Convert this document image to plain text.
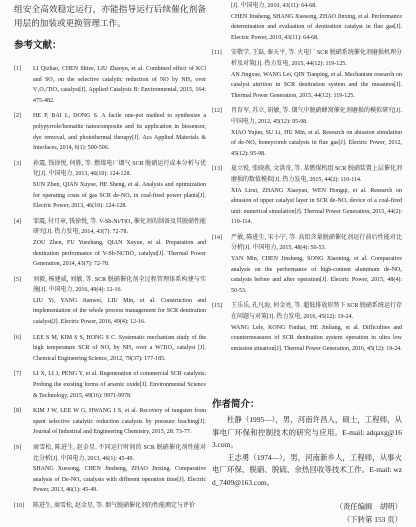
组安全高效稳定运行，亦能指导运行后续催化剂备用层的加装或更换管理工作。
参考文献：
[1]	LI Qizhao, CHEN Shize, LIU Zhaoyu, et al. Combined effect of KCl and SO₂ on the selective catalytic reduction of NO by NH₃ over V₂O₅/TiO₂ catalyst[J]. Applied Catalysis B: Environmental, 2015, 164: 475-482.
[2]	HE P, BAI L, DONG S. A facile one-pot method to synthesize a polypyrrole/hematite nanocomposite and its application in biosensor, dye removal, and photothermal therapy[J]. Acs Applied Materials & Interfaces, 2014, 6(1): 500-506.
[3]	孙震, 钱徐悦, 何胜, 等. 燃煤电厂烟气 SCR 脱硝运行成本分析与优化[J]. 中国电力, 2013, 46(10): 124-128.
SUN Zhen, QIAN Xuyue, HE Sheng, et al. Analysis and optimization for operating costs of gas SCR de-NOₓ in coal-fired power plants[J]. Electric Power, 2013, 46(10): 124-128.
[4]	邹震, 付月章, 钱徐悦, 等. V-Sb-Ni/TiO₂ 催化剂的制备及其脱硝性能研究[J]. 热力发电, 2014, 43(7): 72-78.
ZOU Zhen, FU Yuezhang, QIAN Xuyue, et al. Preparation and denitration performance of V-Sb-Ni/TiO₂ catalyst[J]. Thermal Power Generation, 2014, 43(7): 72-78.
[5]	刘毅, 杨建威, 刘敏, 等. SCR 脱硝催化剂全过程管理体系构建与实施[J]. 中国电力, 2016, 49(4): 12-16.
LIU Yi, YANG Jianwei, LIU Min, et al. Construction and implementation of the whole process management for SCR denitration catalyst[J]. Electric Power, 2016, 49(4): 12-16.
[6]	LEE S M, KIM S S, HONG S C. Systematic mechanism study of the high temperature SCR of NOₓ by NH₃ over a W/TiO₂ catalyst [J]. Chemical Engineering Science, 2012, 79(37): 177-185.
[7]	LI X, LI J, PENG Y, et al. Regeneration of commercial SCR catalysts: Probing the existing forms of arsenic oxide[J]. Environmental Science & Technology, 2015, 49(16): 9971-9978.
[8]	KIM J W, LEE W G, HWANG I S, et al. Recovery of tungsten from spent selective catalytic reduction catalysts by pressure leaching[J]. Journal of Industrial and Engineering Chemistry, 2015, 28: 73-77.
[9]	商雪松, 陈进生, 赵金星. 不同运行时间的 SCR 脱硝催化剂性能对比分析[J]. 中国电力, 2013, 46(1): 45-49.
SHANG Xuesong, CHEN Jinsheng, ZHAO Jinxing. Comparative analysis of De-NOₓ catalysts with different operation time[J]. Electric Power, 2013, 46(1): 45-49.
[10]	陈进生, 商雪松, 赵金星, 等. 烟气脱硝催化剂的性能测定与评价
[J]. 中国电力, 2010, 43(11): 64-68.
CHEN Jinsheng, SHANG Xuesong, ZHAO Jinxing, et al. Performance determination and evaluation of denitration catalyst in flue gas[J]. Electric Power, 2010, 43(11): 64-68.
[11]	安敬学, 王磊, 秦天平, 等. 火电厂 SCR 脱硝系统催化剂磨损机理分析及对策[J]. 热力发电, 2015, 44(12): 119-125.
AN Jingxue, WANG Lei, QIN Tianping, et al. Mechanism research on catalyst attrition in SCR denitration system and the measures[J]. Thermal Power Generation, 2015, 44(12): 119-125.
[12]	肖育军, 苏立, 胡敏, 等. 烟气中脱硝蜂窝催化剂磨损的模拟研究[J]. 中国电力, 2012, 45(12): 95-98.
XIAO Yujun, SU Li, HU Min, et al. Research on abrasion simulation of de-NOₓ honeycomb catalysts in flue gas[J]. Electric Power, 2012, 45(12): 95-98.
[13]	夏立锐, 张晓燕, 文洪奇, 等. 某燃煤机组 SCR 脱硝装置上层催化剂磨损的数值模拟[J]. 热力发电, 2015, 44(2): 110-114.
XIA Lirui, ZHANG Xiaoyan, WEN Hongqi, et al. Research on abrasion of upper catalyst layer in SCR de-NOₓ device of a coal-fired unit: numerical simulation[J]. Thermal Power Generation, 2015, 44(2): 110-114.
[14]	严敏, 陈进生, 宋小宁, 等. 高铝含量脱硝催化剂运行前后性能对比分析[J]. 中国电力, 2015, 48(4): 50-53.
YAN Min, CHEN Jinsheng, SONG Xiaoning, et al. Comparative analysis on the performance of high-content aluminum de-NOₓ catalysts before and after operation[J]. Electric Power, 2015, 48(4): 50-53.
[15]	王乐乐, 孔凡海, 何金亮, 等. 超低排放形势下 SCR 脱硝系统运行存在问题与对策[J]. 热力发电, 2016, 45(12): 19-24.
WANG Lele, KONG Fanhai, HE Jinliang, et al. Difficulties and countermeasures of SCR denitration system operation in ultra low emission situation[J]. Thermal Power Generation, 2016, 45(12): 19-24.
作者简介：

杜静（1995—），男，河南许昌人，硕士，工程师，从事电厂环保和控制技术的研究与应用。E-mail: adqaxg@163.com。

王志勇（1974—），男，河南新乡人，工程师，从事火电厂环保、脱硝、脱硫、余热回收等技术工作。E-mail: wzd_7409@163.com。

（责任编辑　胡明）
（下转第 153 页）
